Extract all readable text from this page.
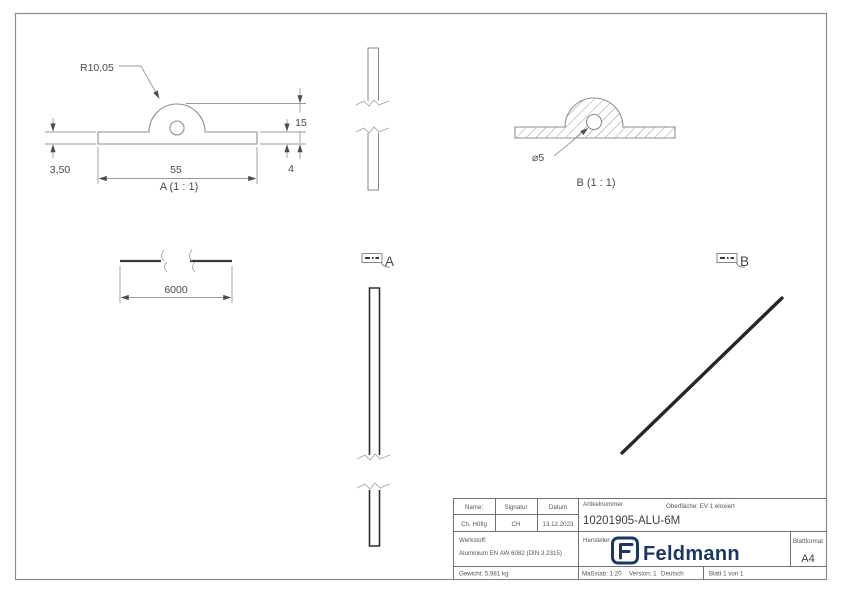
R10,05
15
3,50	55	4
A (1 : 1)
⌀5
B (1 : 1)
6000
A	B
Name:	Signatur	Datum
Ch. Höfig	CH	13.12.2023
Artikelnummer
10201905-ALU-6M
Oberfläche: EV 1 eloxiert
Werkstoff:
Aluminium EN AW 6082 (DIN 3.2315)
Gewicht: 5,981 kg
Hersteller
Feldmann
Blattformat
A4
Maßstab: 1:20 Version: 1 Deutsch	Blatt 1 von 1
